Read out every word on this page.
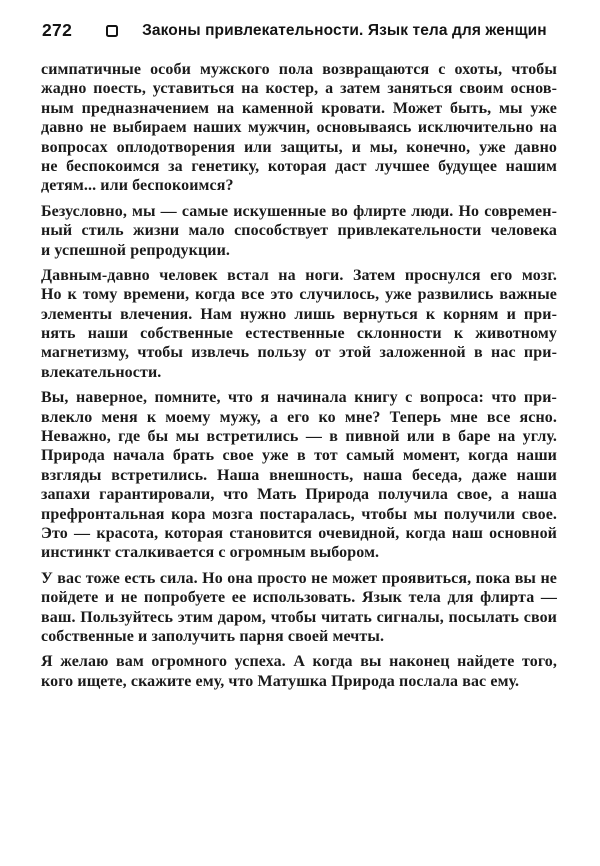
272	Законы привлекательности. Язык тела для женщин
симпатичные особи мужского пола возвращаются с охоты, чтобы
жадно поесть, уставиться на костер, а затем заняться своим основ-
ным предназначением на каменной кровати. Может быть, мы уже
давно не выбираем наших мужчин, основываясь исключительно на
вопросах оплодотворения или защиты, и мы, конечно, уже давно
не беспокоимся за генетику, которая даст лучшее будущее нашим
детям... или беспокоимся?
Безусловно, мы — самые искушенные во флирте люди. Но современ-
ный стиль жизни мало способствует привлекательности человека
и успешной репродукции.
Давным-давно человек встал на ноги. Затем проснулся его мозг.
Но к тому времени, когда все это случилось, уже развились важные
элементы влечения. Нам нужно лишь вернуться к корням и при-
нять наши собственные естественные склонности к животному
магнетизму, чтобы извлечь пользу от этой заложенной в нас при-
влекательности.
Вы, наверное, помните, что я начинала книгу с вопроса: что при-
влекло меня к моему мужу, а его ко мне? Теперь мне все ясно.
Неважно, где бы мы встретились — в пивной или в баре на углу.
Природа начала брать свое уже в тот самый момент, когда наши
взгляды встретились. Наша внешность, наша беседа, даже наши
запахи гарантировали, что Мать Природа получила свое, а наша
префронтальная кора мозга постаралась, чтобы мы получили свое.
Это — красота, которая становится очевидной, когда наш основной
инстинкт сталкивается с огромным выбором.
У вас тоже есть сила. Но она просто не может проявиться, пока вы не
пойдете и не попробуете ее использовать. Язык тела для флирта —
ваш. Пользуйтесь этим даром, чтобы читать сигналы, посылать свои
собственные и заполучить парня своей мечты.
Я желаю вам огромного успеха. А когда вы наконец найдете того,
кого ищете, скажите ему, что Матушка Природа послала вас ему.
